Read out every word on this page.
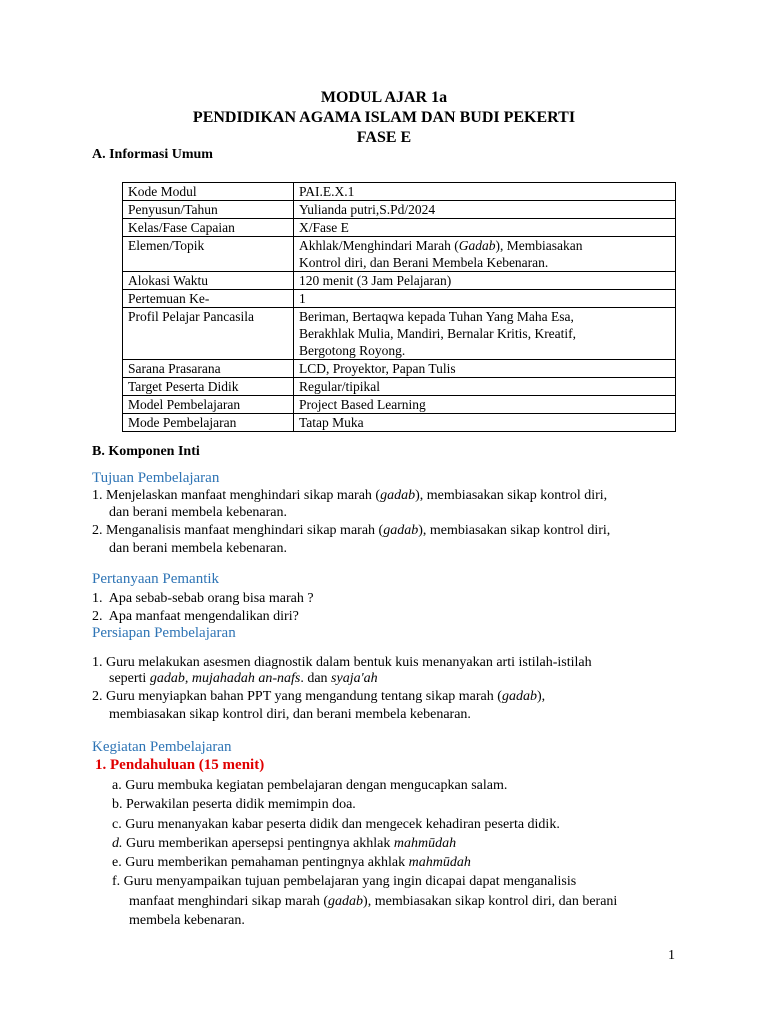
MODUL AJAR 1a
PENDIDIKAN AGAMA ISLAM DAN BUDI PEKERTI
FASE E
A. Informasi Umum
Kode Modul	PAI.E.X.1
Penyusun/Tahun	Yulianda putri,S.Pd/2024
Kelas/Fase Capaian	X/Fase E
Elemen/Topik	Akhlak/Menghindari Marah (Gadab), Membiasakan
Kontrol diri, dan Berani Membela Kebenaran.
Alokasi Waktu	120 menit (3 Jam Pelajaran)
Pertemuan Ke-	1
Profil Pelajar Pancasila	Beriman, Bertaqwa kepada Tuhan Yang Maha Esa,
Berakhlak Mulia, Mandiri, Bernalar Kritis, Kreatif,
Bergotong Royong.
Sarana Prasarana	LCD, Proyektor, Papan Tulis
Target Peserta Didik	Regular/tipikal
Model Pembelajaran	Project Based Learning
Mode Pembelajaran	Tatap Muka
B. Komponen Inti
Tujuan Pembelajaran
1. Menjelaskan manfaat menghindari sikap marah (gadab), membiasakan sikap kontrol diri,
dan berani membela kebenaran.
2. Menganalisis manfaat menghindari sikap marah (gadab), membiasakan sikap kontrol diri,
dan berani membela kebenaran.
Pertanyaan Pemantik
1. Apa sebab-sebab orang bisa marah ?
2. Apa manfaat mengendalikan diri?
Persiapan Pembelajaran
1. Guru melakukan asesmen diagnostik dalam bentuk kuis menanyakan arti istilah-istilah
seperti gadab, mujahadah an-nafs. dan syaja'ah
2. Guru menyiapkan bahan PPT yang mengandung tentang sikap marah (gadab),
membiasakan sikap kontrol diri, dan berani membela kebenaran.
Kegiatan Pembelajaran
1. Pendahuluan (15 menit)
a. Guru membuka kegiatan pembelajaran dengan mengucapkan salam.
b. Perwakilan peserta didik memimpin doa.
c. Guru menanyakan kabar peserta didik dan mengecek kehadiran peserta didik.
d. Guru memberikan apersepsi pentingnya akhlak mahmūdah
e. Guru memberikan pemahaman pentingnya akhlak mahmūdah
f. Guru menyampaikan tujuan pembelajaran yang ingin dicapai dapat menganalisis
manfaat menghindari sikap marah (gadab), membiasakan sikap kontrol diri, dan berani
membela kebenaran.
1
